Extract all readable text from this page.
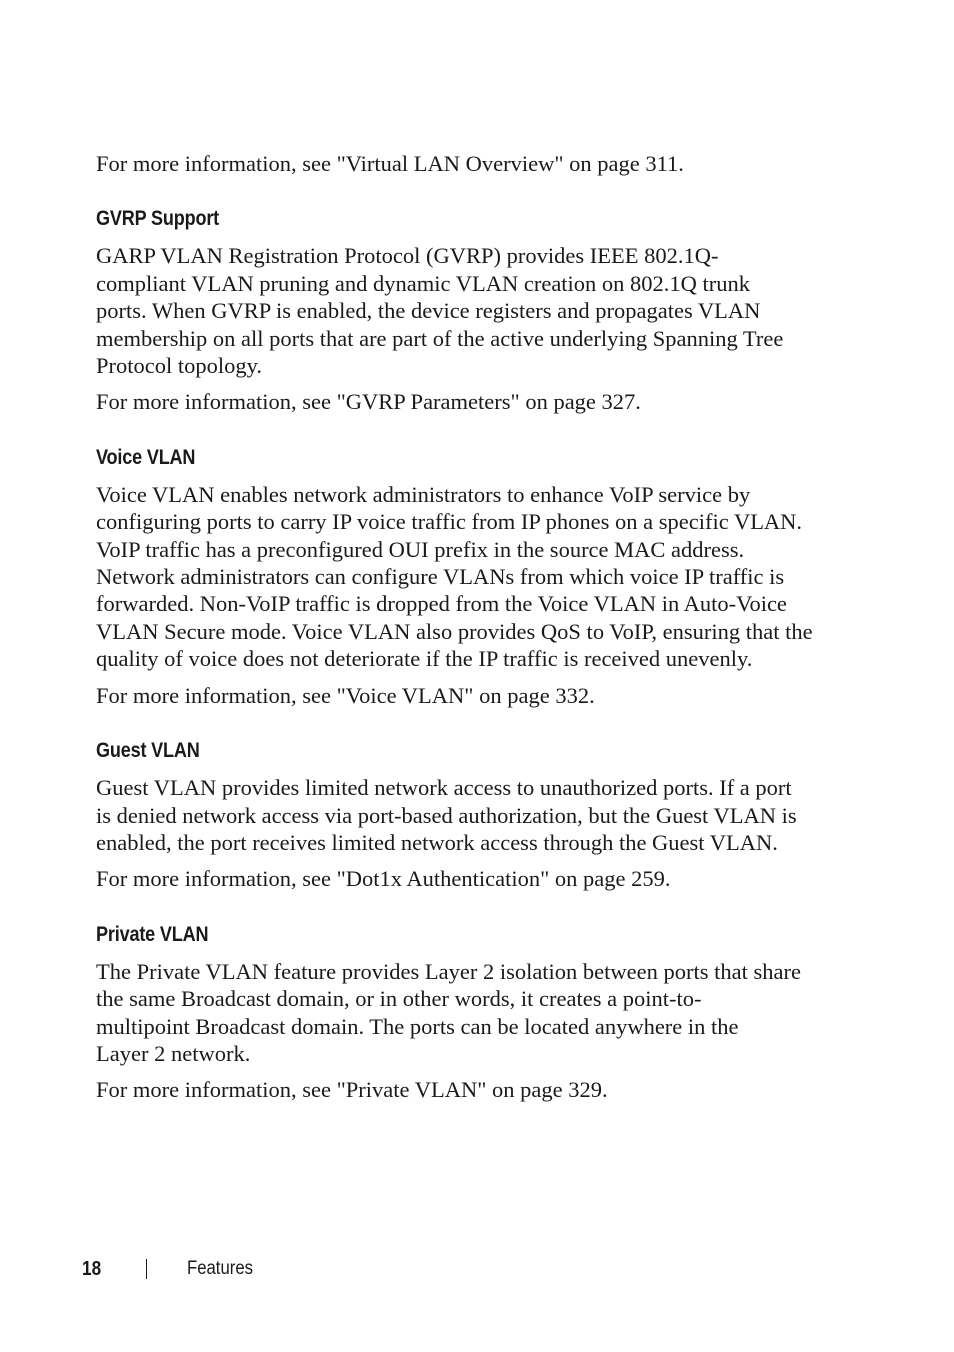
For more information, see "Virtual LAN Overview" on page 311.

GVRP Support

GARP VLAN Registration Protocol (GVRP) provides IEEE 802.1Q-
compliant VLAN pruning and dynamic VLAN creation on 802.1Q trunk
ports. When GVRP is enabled, the device registers and propagates VLAN
membership on all ports that are part of the active underlying Spanning Tree
Protocol topology.

For more information, see "GVRP Parameters" on page 327.

Voice VLAN

Voice VLAN enables network administrators to enhance VoIP service by
configuring ports to carry IP voice traffic from IP phones on a specific VLAN.
VoIP traffic has a preconfigured OUI prefix in the source MAC address.
Network administrators can configure VLANs from which voice IP traffic is
forwarded. Non-VoIP traffic is dropped from the Voice VLAN in Auto-Voice
VLAN Secure mode. Voice VLAN also provides QoS to VoIP, ensuring that the
quality of voice does not deteriorate if the IP traffic is received unevenly.

For more information, see "Voice VLAN" on page 332.

Guest VLAN

Guest VLAN provides limited network access to unauthorized ports. If a port
is denied network access via port-based authorization, but the Guest VLAN is
enabled, the port receives limited network access through the Guest VLAN.

For more information, see "Dot1x Authentication" on page 259.

Private VLAN

The Private VLAN feature provides Layer 2 isolation between ports that share
the same Broadcast domain, or in other words, it creates a point-to-
multipoint Broadcast domain. The ports can be located anywhere in the
Layer 2 network.

For more information, see "Private VLAN" on page 329.

18	Features
